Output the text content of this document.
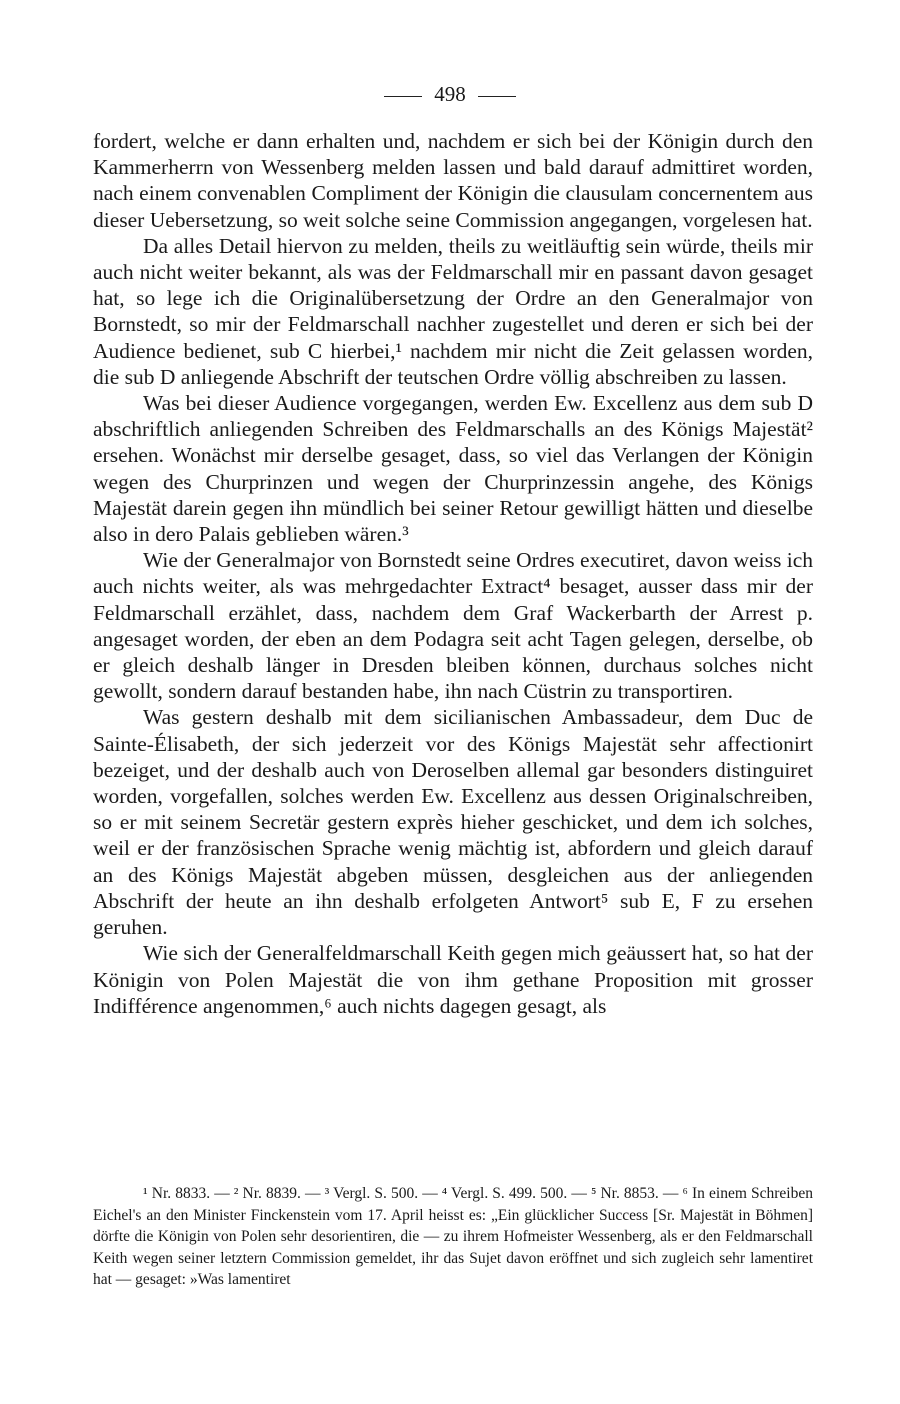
498

fordert, welche er dann erhalten und, nachdem er sich bei der Königin durch den Kammerherrn von Wessenberg melden lassen und bald darauf admittiret worden, nach einem convenablen Compliment der Königin die clausulam concernentem aus dieser Uebersetzung, so weit solche seine Commission angegangen, vorgelesen hat.

Da alles Detail hiervon zu melden, theils zu weitläuftig sein würde, theils mir auch nicht weiter bekannt, als was der Feldmarschall mir en passant davon gesaget hat, so lege ich die Originalübersetzung der Ordre an den Generalmajor von Bornstedt, so mir der Feldmarschall nachher zugestellet und deren er sich bei der Audience bedienet, sub C hierbei,¹ nachdem mir nicht die Zeit gelassen worden, die sub D anliegende Abschrift der teutschen Ordre völlig abschreiben zu lassen.

Was bei dieser Audience vorgegangen, werden Ew. Excellenz aus dem sub D abschriftlich anliegenden Schreiben des Feldmarschalls an des Königs Majestät² ersehen. Wonächst mir derselbe gesaget, dass, so viel das Verlangen der Königin wegen des Churprinzen und wegen der Churprinzessin angehe, des Königs Majestät darein gegen ihn mündlich bei seiner Retour gewilligt hätten und dieselbe also in dero Palais geblieben wären.³

Wie der Generalmajor von Bornstedt seine Ordres executiret, davon weiss ich auch nichts weiter, als was mehrgedachter Extract⁴ besaget, ausser dass mir der Feldmarschall erzählet, dass, nachdem dem Graf Wackerbarth der Arrest p. angesaget worden, der eben an dem Podagra seit acht Tagen gelegen, derselbe, ob er gleich deshalb länger in Dresden bleiben können, durchaus solches nicht gewollt, sondern darauf bestanden habe, ihn nach Cüstrin zu transportiren.

Was gestern deshalb mit dem sicilianischen Ambassadeur, dem Duc de Sainte-Élisabeth, der sich jederzeit vor des Königs Majestät sehr affectionirt bezeiget, und der deshalb auch von Deroselben allemal gar besonders distinguiret worden, vorgefallen, solches werden Ew. Excellenz aus dessen Originalschreiben, so er mit seinem Secretär gestern exprès hieher geschicket, und dem ich solches, weil er der französischen Sprache wenig mächtig ist, abfordern und gleich darauf an des Königs Majestät abgeben müssen, desgleichen aus der anliegenden Abschrift der heute an ihn deshalb erfolgeten Antwort⁵ sub E, F zu ersehen geruhen.

Wie sich der Generalfeldmarschall Keith gegen mich geäussert hat, so hat der Königin von Polen Majestät die von ihm gethane Proposition mit grosser Indifférence angenommen,⁶ auch nichts dagegen gesagt, als

¹ Nr. 8833. — ² Nr. 8839. — ³ Vergl. S. 500. — ⁴ Vergl. S. 499. 500. — ⁵ Nr. 8853. — ⁶ In einem Schreiben Eichel's an den Minister Finckenstein vom 17. April heisst es: „Ein glücklicher Success [Sr. Majestät in Böhmen] dörfte die Königin von Polen sehr desorientiren, die — zu ihrem Hofmeister Wessenberg, als er den Feldmarschall Keith wegen seiner letztern Commission gemeldet, ihr das Sujet davon eröffnet und sich zugleich sehr lamentiret hat — gesaget: »Was lamentiret
